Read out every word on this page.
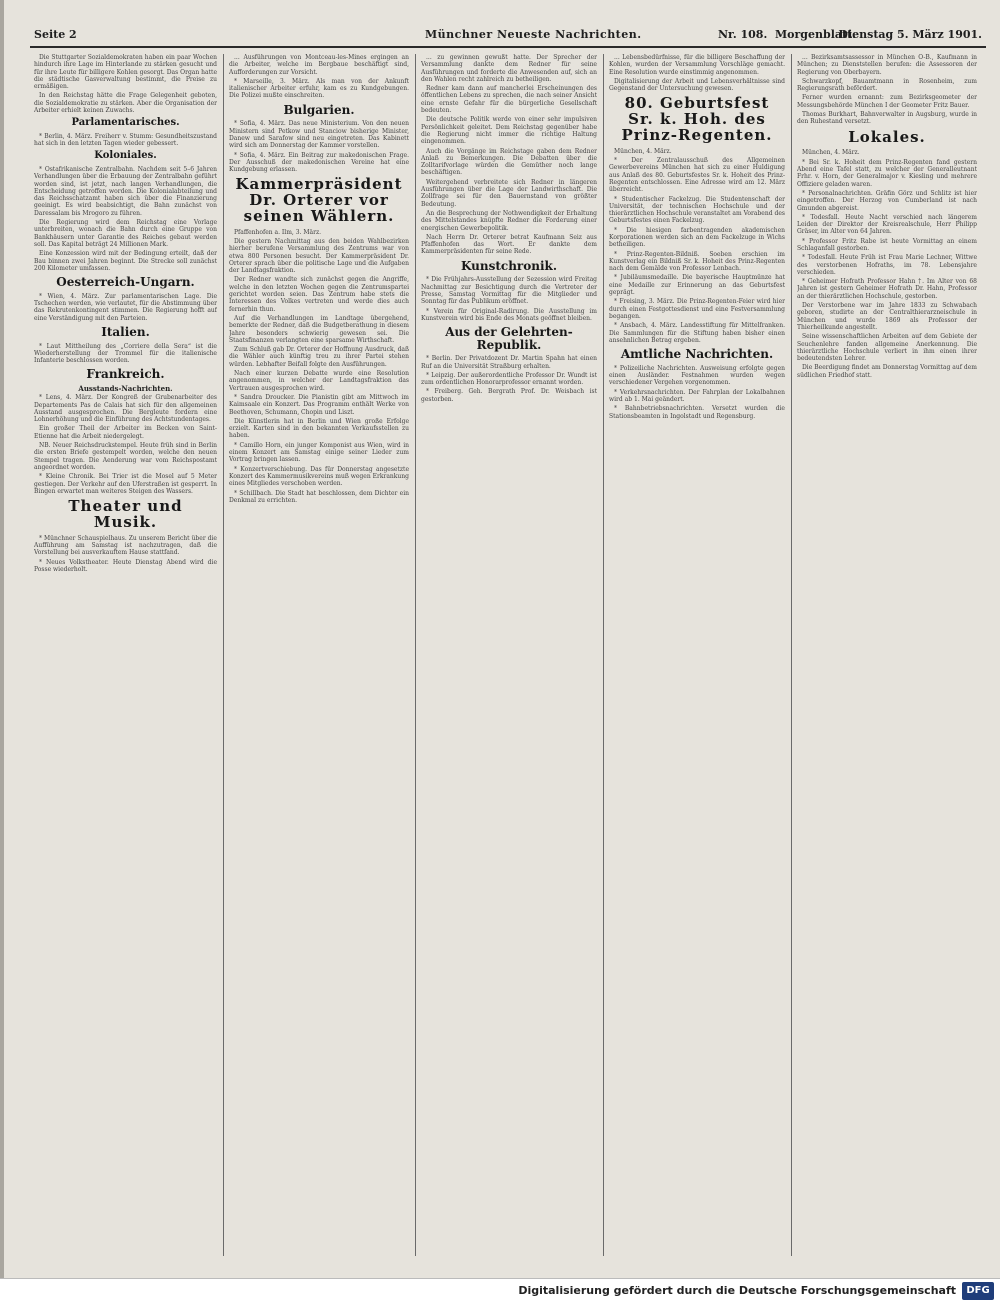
Seite 2	Münchner Neueste Nachrichten.	Nr. 108. Morgenblatt.
Dienstag 5. März 1901.

Die Stuttgarter Sozialdemokraten haben ein paar Wochen hindurch ihre Lage im Hinterlande zu stärken gesucht und für ihre Leute für billigere Kohlen gesorgt. Das Organ hatte die städtische Gasverwaltung bestimmt, die Preise zu ermäßigen.

In den Reichstag hätte die Frage Gelegenheit geboten, die Sozialdemokratie zu stärken. Aber die Organisation der Arbeiter erhielt keinen Zuwachs.

Parlamentarisches.

* Berlin, 4. März. Freiherr v. Stumm: Gesundheitszustand hat sich in den letzten Tagen wieder gebessert.

Koloniales.

* Ostafrikanische Zentralbahn. Nachdem seit 5–6 Jahren Verhandlungen über die Erbauung der Zentralbahn geführt worden sind, ist jetzt, nach langen Verhandlungen, die Entscheidung getroffen worden. Die Kolonialabteilung und das Reichsschatzamt haben sich über die Finanzierung geeinigt. Es wird beabsichtigt, die Bahn zunächst von Daressalam bis Mrogoro zu führen.

Die Regierung wird dem Reichstag eine Vorlage unterbreiten, wonach die Bahn durch eine Gruppe von Bankhäusern unter Garantie des Reiches gebaut werden soll. Das Kapital beträgt 24 Millionen Mark.

Eine Konzession wird mit der Bedingung erteilt, daß der Bau binnen zwei Jahren beginnt. Die Strecke soll zunächst 200 Kilometer umfassen.

Oesterreich-Ungarn.

* Wien, 4. März. Zur parlamentarischen Lage. Die Tschechen werden, wie verlautet, für die Abstimmung über das Rekrutenkontingent stimmen. Die Regierung hofft auf eine Verständigung mit den Parteien.

Italien.

* Laut Mittheilung des „Corriere della Sera“ ist die Wiederherstellung der Trommel für die italienische Infanterie beschlossen worden.

Frankreich.
Ausstands-Nachrichten.

* Lens, 4. März. Der Kongreß der Grubenarbeiter des Departements Pas de Calais hat sich für den allgemeinen Ausstand ausgesprochen. Die Bergleute fordern eine Lohnerhöhung und die Einführung des Achtstundentages.

Ein großer Theil der Arbeiter im Becken von Saint-Etienne hat die Arbeit niedergelegt.

NB. Neuer Reichsdruckstempel. Heute früh sind in Berlin die ersten Briefe gestempelt worden, welche den neuen Stempel tragen. Die Aenderung war vom Reichspostamt angeordnet worden.

* Kleine Chronik. Bei Trier ist die Mosel auf 5 Meter gestiegen. Der Verkehr auf den Uferstraßen ist gesperrt. In Bingen erwartet man weiteres Steigen des Wassers.

Theater und Musik.

* Münchner Schauspielhaus. Zu unserem Bericht über die Aufführung am Samstag ist nachzutragen, daß die Vorstellung bei ausverkauftem Hause stattfand.

* Neues Volkstheater. Heute Dienstag Abend wird die Posse wiederholt.

... Ausführungen von Montceau-les-Mines ergingen an die Arbeiter, welche im Bergbaue beschäftigt sind, Aufforderungen zur Vorsicht.

* Marseille, 3. März. Als man von der Ankunft italienischer Arbeiter erfuhr, kam es zu Kundgebungen. Die Polizei mußte einschreiten.

Bulgarien.

* Sofia, 4. März. Das neue Ministerium. Von den neuen Ministern sind Petkow und Stanciow bisherige Minister, Danew und Sarafow sind neu eingetreten. Das Kabinett wird sich am Donnerstag der Kammer vorstellen.

* Sofia, 4. März. Ein Beitrag zur makedonischen Frage. Der Ausschuß der makedonischen Vereine hat eine Kundgebung erlassen.

Kammerpräsident Dr. Orterer vor seinen Wählern.

Pfaffenhofen a. Ilm, 3. März.

Die gestern Nachmittag aus den beiden Wahlbezirken hierher berufene Versammlung des Zentrums war von etwa 800 Personen besucht. Der Kammerpräsident Dr. Orterer sprach über die politische Lage und die Aufgaben der Landtagsfraktion.

Der Redner wandte sich zunächst gegen die Angriffe, welche in den letzten Wochen gegen die Zentrumspartei gerichtet worden seien. Das Zentrum habe stets die Interessen des Volkes vertreten und werde dies auch fernerhin thun.

Auf die Verhandlungen im Landtage übergehend, bemerkte der Redner, daß die Budgetberathung in diesem Jahre besonders schwierig gewesen sei. Die Staatsfinanzen verlangten eine sparsame Wirthschaft.

Zum Schluß gab Dr. Orterer der Hoffnung Ausdruck, daß die Wähler auch künftig treu zu ihrer Partei stehen würden. Lebhafter Beifall folgte den Ausführungen.

Nach einer kurzen Debatte wurde eine Resolution angenommen, in welcher der Landtagsfraktion das Vertrauen ausgesprochen wird.

* Sandra Droucker. Die Pianistin gibt am Mittwoch im Kaimsaale ein Konzert. Das Programm enthält Werke von Beethoven, Schumann, Chopin und Liszt.

Die Künstlerin hat in Berlin und Wien große Erfolge erzielt. Karten sind in den bekannten Verkaufsstellen zu haben.

* Camillo Horn, ein junger Komponist aus Wien, wird in einem Konzert am Samstag einige seiner Lieder zum Vortrag bringen lassen.

* Konzertverschiebung. Das für Donnerstag angesetzte Konzert des Kammermusikvereins muß wegen Erkrankung eines Mitgliedes verschoben werden.

* Schillbach. Die Stadt hat beschlossen, dem Dichter ein Denkmal zu errichten.

... zu gewinnen gewußt hatte. Der Sprecher der Versammlung dankte dem Redner für seine Ausführungen und forderte die Anwesenden auf, sich an den Wahlen recht zahlreich zu betheiligen.

Redner kam dann auf mancherlei Erscheinungen des öffentlichen Lebens zu sprechen, die nach seiner Ansicht eine ernste Gefahr für die bürgerliche Gesellschaft bedeuten.

Die deutsche Politik werde von einer sehr impulsiven Persönlichkeit geleitet. Dem Reichstag gegenüber habe die Regierung nicht immer die richtige Haltung eingenommen.

Auch die Vorgänge im Reichstage gaben dem Redner Anlaß zu Bemerkungen. Die Debatten über die Zolltarifvorlage würden die Gemüther noch lange beschäftigen.

Weitergehend verbreitete sich Redner in längeren Ausführungen über die Lage der Landwirthschaft. Die Zollfrage sei für den Bauernstand von größter Bedeutung.

An die Besprechung der Nothwendigkeit der Erhaltung des Mittelstandes knüpfte Redner die Forderung einer energischen Gewerbepolitik.

Nach Herrn Dr. Orterer betrat Kaufmann Seiz aus Pfaffenhofen das Wort. Er dankte dem Kammerpräsidenten für seine Rede.

Kunstchronik.

* Die Frühjahrs-Ausstellung der Sezession wird Freitag Nachmittag zur Besichtigung durch die Vertreter der Presse, Samstag Vormittag für die Mitglieder und Sonntag für das Publikum eröffnet.

* Verein für Original-Radirung. Die Ausstellung im Kunstverein wird bis Ende des Monats geöffnet bleiben.

Aus der Gelehrten-Republik.

* Berlin. Der Privatdozent Dr. Martin Spahn hat einen Ruf an die Universität Straßburg erhalten.

* Leipzig. Der außerordentliche Professor Dr. Wundt ist zum ordentlichen Honorarprofessor ernannt worden.

* Freiberg. Geh. Bergrath Prof. Dr. Weisbach ist gestorben.

... Lebensbedürfnisse, für die billigere Beschaffung der Kohlen, wurden der Versammlung Vorschläge gemacht. Eine Resolution wurde einstimmig angenommen.

Digitalisierung der Arbeit und Lebensverhältnisse sind Gegenstand der Untersuchung gewesen.

80. Geburtsfest Sr. k. Hoh. des Prinz-Regenten.

München, 4. März.

* Der Zentralausschuß des Allgemeinen Gewerbevereins München hat sich zu einer Huldigung aus Anlaß des 80. Geburtsfestes Sr. k. Hoheit des Prinz-Regenten entschlossen. Eine Adresse wird am 12. März überreicht.

* Studentischer Fackelzug. Die Studentenschaft der Universität, der technischen Hochschule und der thierärztlichen Hochschule veranstaltet am Vorabend des Geburtsfestes einen Fackelzug.

* Die hiesigen farbentragenden akademischen Korporationen werden sich an dem Fackelzuge in Wichs betheiligen.

* Prinz-Regenten-Bildniß. Soeben erschien im Kunstverlag ein Bildniß Sr. k. Hoheit des Prinz-Regenten nach dem Gemälde von Professor Lenbach.

* Jubiläumsmedaille. Die bayerische Hauptmünze hat eine Medaille zur Erinnerung an das Geburtsfest geprägt.

* Freising, 3. März. Die Prinz-Regenten-Feier wird hier durch einen Festgottesdienst und eine Festversammlung begangen.

* Ansbach, 4. März. Landesstiftung für Mittelfranken. Die Sammlungen für die Stiftung haben bisher einen ansehnlichen Betrag ergeben.

Amtliche Nachrichten.

* Polizeiliche Nachrichten. Ausweisung erfolgte gegen einen Ausländer. Festnahmen wurden wegen verschiedener Vergehen vorgenommen.

* Verkehrsnachrichten. Der Fahrplan der Lokalbahnen wird ab 1. Mai geändert.

* Bahnbetriebsnachrichten. Versetzt wurden die Stationsbeamten in Ingolstadt und Regensburg.

... Bezirksamtsassessor in München O-B., Kaufmann in München; zu Dienststellen berufen: die Assessoren der Regierung von Oberbayern.

Schwarzkopf, Bauamtmann in Rosenheim, zum Regierungsrath befördert.

Ferner wurden ernannt: zum Bezirksgeometer der Messungsbehörde München I der Geometer Fritz Bauer.

Thomas Burkhart, Bahnverwalter in Augsburg, wurde in den Ruhestand versetzt.

Lokales.

München, 4. März.

* Bei Sr. k. Hoheit dem Prinz-Regenten fand gestern Abend eine Tafel statt, zu welcher der Generalleutnant Frhr. v. Horn, der Generalmajor v. Kiesling und mehrere Offiziere geladen waren.

* Personalnachrichten. Gräfin Görz und Schlitz ist hier eingetroffen. Der Herzog von Cumberland ist nach Gmunden abgereist.

* Todesfall. Heute Nacht verschied nach längerem Leiden der Direktor der Kreisrealschule, Herr Philipp Gräser, im Alter von 64 Jahren.

* Professor Fritz Rabe ist heute Vormittag an einem Schlaganfall gestorben.

* Todesfall. Heute Früh ist Frau Marie Lechner, Wittwe des verstorbenen Hofraths, im 78. Lebensjahre verschieden.

* Geheimer Hofrath Professor Hahn †. Im Alter von 68 Jahren ist gestern Geheimer Hofrath Dr. Hahn, Professor an der thierärztlichen Hochschule, gestorben.

Der Verstorbene war im Jahre 1833 zu Schwabach geboren, studirte an der Centralthierarzneischule in München und wurde 1869 als Professor der Thierheilkunde angestellt.

Seine wissenschaftlichen Arbeiten auf dem Gebiete der Seuchenlehre fanden allgemeine Anerkennung. Die thierärztliche Hochschule verliert in ihm einen ihrer bedeutendsten Lehrer.

Die Beerdigung findet am Donnerstag Vormittag auf dem südlichen Friedhof statt.

Digitalisierung gefördert durch die Deutsche Forschungsgemeinschaft	DFG
